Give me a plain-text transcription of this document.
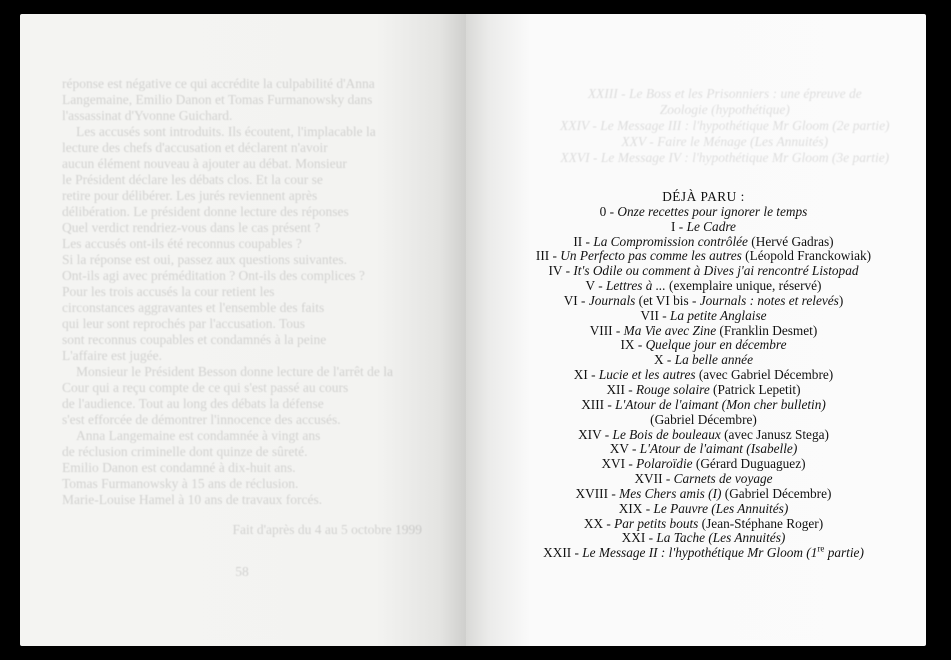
réponse est négative ce qui accrédite la culpabilité d'Anna
Langemaine, Emilio Danon et Tomas Furmanowsky dans
l'assassinat d'Yvonne Guichard.
Les accusés sont introduits. Ils écoutent, l'implacable la
lecture des chefs d'accusation et déclarent n'avoir
aucun élément nouveau à ajouter au débat. Monsieur
le Président déclare les débats clos. Et la cour se
retire pour délibérer. Les jurés reviennent après
délibération. Le président donne lecture des réponses
Quel verdict rendriez-vous dans le cas présent ?
Les accusés ont-ils été reconnus coupables ?
Si la réponse est oui, passez aux questions suivantes.
Ont-ils agi avec préméditation ? Ont-ils des complices ?
Pour les trois accusés la cour retient les
circonstances aggravantes et l'ensemble des faits
qui leur sont reprochés par l'accusation. Tous
sont reconnus coupables et condamnés à la peine
L'affaire est jugée.
Monsieur le Président Besson donne lecture de l'arrêt de la
Cour qui a reçu compte de ce qui s'est passé au cours
de l'audience. Tout au long des débats la défense
s'est efforcée de démontrer l'innocence des accusés.
Anna Langemaine est condamnée à vingt ans
de réclusion criminelle dont quinze de sûreté.
Emilio Danon est condamné à dix-huit ans.
Tomas Furmanowsky à 15 ans de réclusion.
Marie-Louise Hamel à 10 ans de travaux forcés.
Fait d'après du 4 au 5 octobre 1999
58
XXIII - Le Boss et les Prisonniers : une épreuve de
Zoologie (hypothétique)
XXIV - Le Message III : l'hypothétique Mr Gloom (2e partie)
XXV - Faire le Ménage (Les Annuités)
XXVI - Le Message IV : l'hypothétique Mr Gloom (3e partie)
DÉJÀ PARU :
0 - Onze recettes pour ignorer le temps
I - Le Cadre
II - La Compromission contrôlée (Hervé Gadras)
III - Un Perfecto pas comme les autres (Léopold Franckowiak)
IV - It's Odile ou comment à Dives j'ai rencontré Listopad
V - Lettres à ... (exemplaire unique, réservé)
VI - Journals (et VI bis - Journals : notes et relevés)
VII - La petite Anglaise
VIII - Ma Vie avec Zine (Franklin Desmet)
IX - Quelque jour en décembre
X - La belle année
XI - Lucie et les autres (avec Gabriel Décembre)
XII - Rouge solaire (Patrick Lepetit)
XIII - L'Atour de l'aimant (Mon cher bulletin)
(Gabriel Décembre)
XIV - Le Bois de bouleaux (avec Janusz Stega)
XV - L'Atour de l'aimant (Isabelle)
XVI - Polaroïdie (Gérard Duguaguez)
XVII - Carnets de voyage
XVIII - Mes Chers amis (I) (Gabriel Décembre)
XIX - Le Pauvre (Les Annuités)
XX - Par petits bouts (Jean-Stéphane Roger)
XXI - La Tache (Les Annuités)
XXII - Le Message II : l'hypothétique Mr Gloom (1re partie)
